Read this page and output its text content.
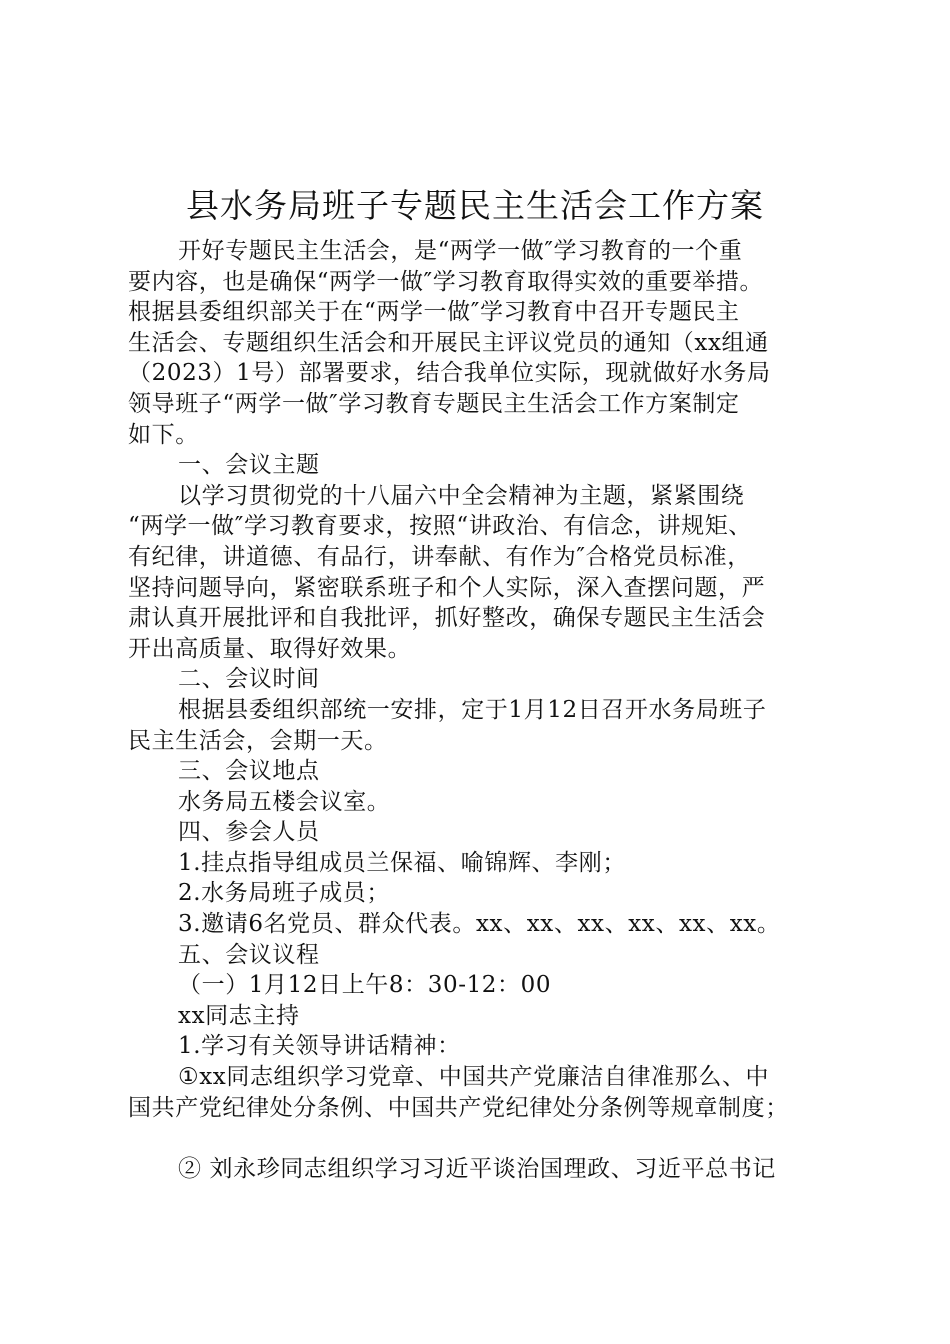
县水务局班子专题民主生活会工作方案
开好专题民主生活会，是“两学一做″学习教育的一个重
要内容，也是确保“两学一做″学习教育取得实效的重要举措。
根据县委组织部关于在“两学一做″学习教育中召开专题民主
生活会、专题组织生活会和开展民主评议党员的通知（xx组通
（2023）1号）部署要求，结合我单位实际，现就做好水务局
领导班子“两学一做″学习教育专题民主生活会工作方案制定
如下。
一、会议主题
以学习贯彻党的十八届六中全会精神为主题，紧紧围绕
“两学一做″学习教育要求，按照“讲政治、有信念，讲规矩、
有纪律，讲道德、有品行，讲奉献、有作为″合格党员标准，
坚持问题导向，紧密联系班子和个人实际，深入查摆问题，严
肃认真开展批评和自我批评，抓好整改，确保专题民主生活会
开出高质量、取得好效果。
二、会议时间
根据县委组织部统一安排，定于1月12日召开水务局班子
民主生活会，会期一天。
三、会议地点
水务局五楼会议室。
四、参会人员
1.挂点指导组成员兰保福、喻锦辉、李刚；
2.水务局班子成员；
3.邀请6名党员、群众代表。xx、xx、xx、xx、xx、xx。
五、会议议程
（一）1月12日上午8：30-12：00
xx同志主持
1.学习有关领导讲话精神：
①xx同志组织学习党章、中国共产党廉洁自律准那么、中
国共产党纪律处分条例、中国共产党纪律处分条例等规章制度；
② 刘永珍同志组织学习习近平谈治国理政、习近平总书记
